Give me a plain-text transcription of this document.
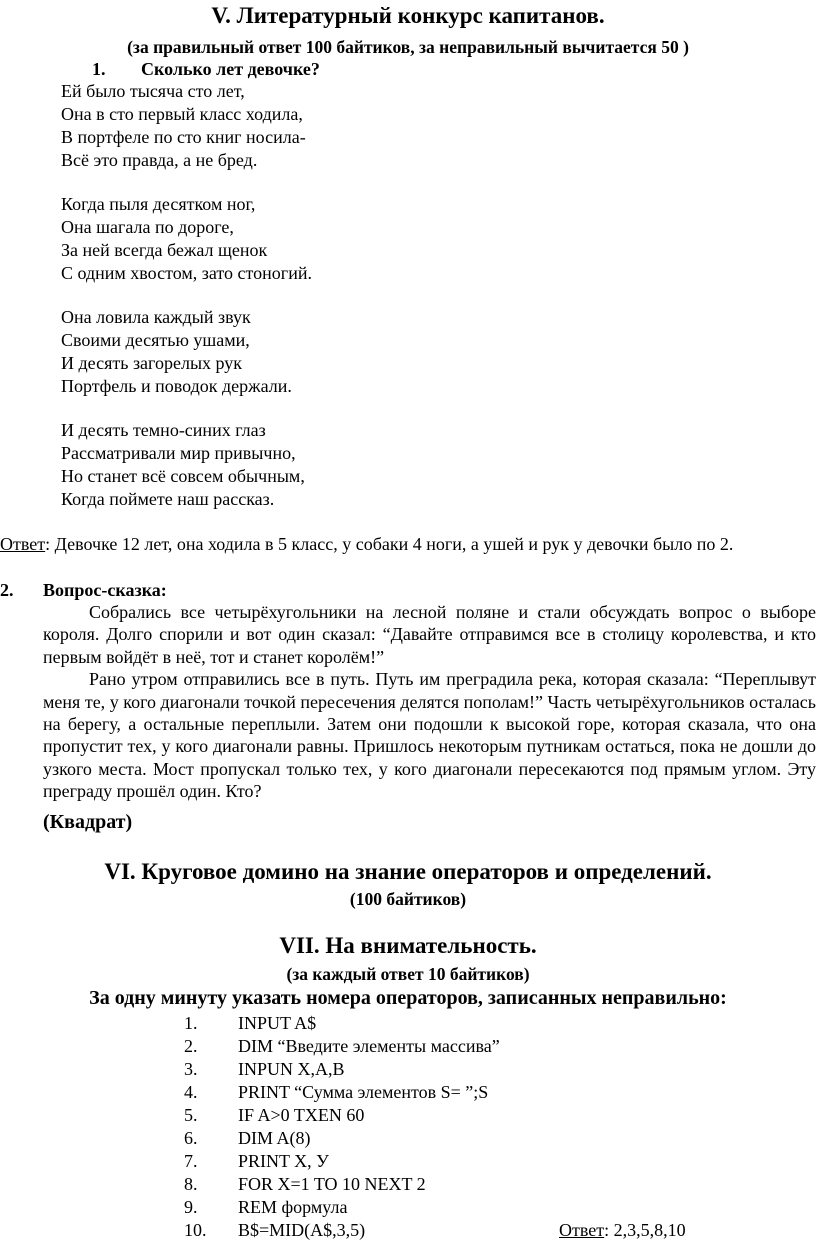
V. Литературный конкурс капитанов.
(за правильный ответ 100 байтиков, за неправильный вычитается 50 )
1. Сколько лет девочке?
Ей было тысяча сто лет,
Она в сто первый класс ходила,
В портфеле по сто книг носила-
Всё это правда, а не бред.
Когда пыля десятком ног,
Она шагала по дороге,
За ней всегда бежал щенок
С одним хвостом, зато стоногий.
Она ловила каждый звук
Своими десятью ушами,
И десять загорелых рук
Портфель и поводок держали.
И десять темно-синих глаз
Рассматривали мир привычно,
Но станет всё совсем обычным,
Когда поймете наш рассказ.
Ответ: Девочке 12 лет, она ходила в 5 класс, у собаки 4 ноги, а ушей и рук у девочки было по 2.
2. Вопрос-сказка:

Собрались все четырёхугольники на лесной поляне и стали обсуждать вопрос о выборе короля. Долго спорили и вот один сказал: “Давайте отправимся все в столицу королевства, и кто первым войдёт в неё, тот и станет королём!”

Рано утром отправились все в путь. Путь им преградила река, которая сказала: “Переплывут меня те, у кого диагонали точкой пересечения делятся пополам!” Часть четырёхугольников осталась на берегу, а остальные переплыли. Затем они подошли к высокой горе, которая сказала, что она пропустит тех, у кого диагонали равны. Пришлось некоторым путникам остаться, пока не дошли до узкого места. Мост пропускал только тех, у кого диагонали пересекаются под прямым углом. Эту преграду прошёл один. Кто?

(Квадрат)
VI. Круговое домино на знание операторов и определений.
(100 байтиков)
VII. На внимательность.
(за каждый ответ 10 байтиков)
За одну минуту указать номера операторов, записанных неправильно:
1.	INPUT A$
2.	DIM “Введите элементы массива”
3.	INPUN X,A,B
4.	PRINT “Сумма элементов S= ”;S
5.	IF A>0 TXEN 60
6.	DIM A(8)
7.	PRINT X, У
8.	FOR X=1 TO 10 NEXT 2
9.	REM формула
10.	B$=MID(A$,3,5)	Ответ: 2,3,5,8,10
